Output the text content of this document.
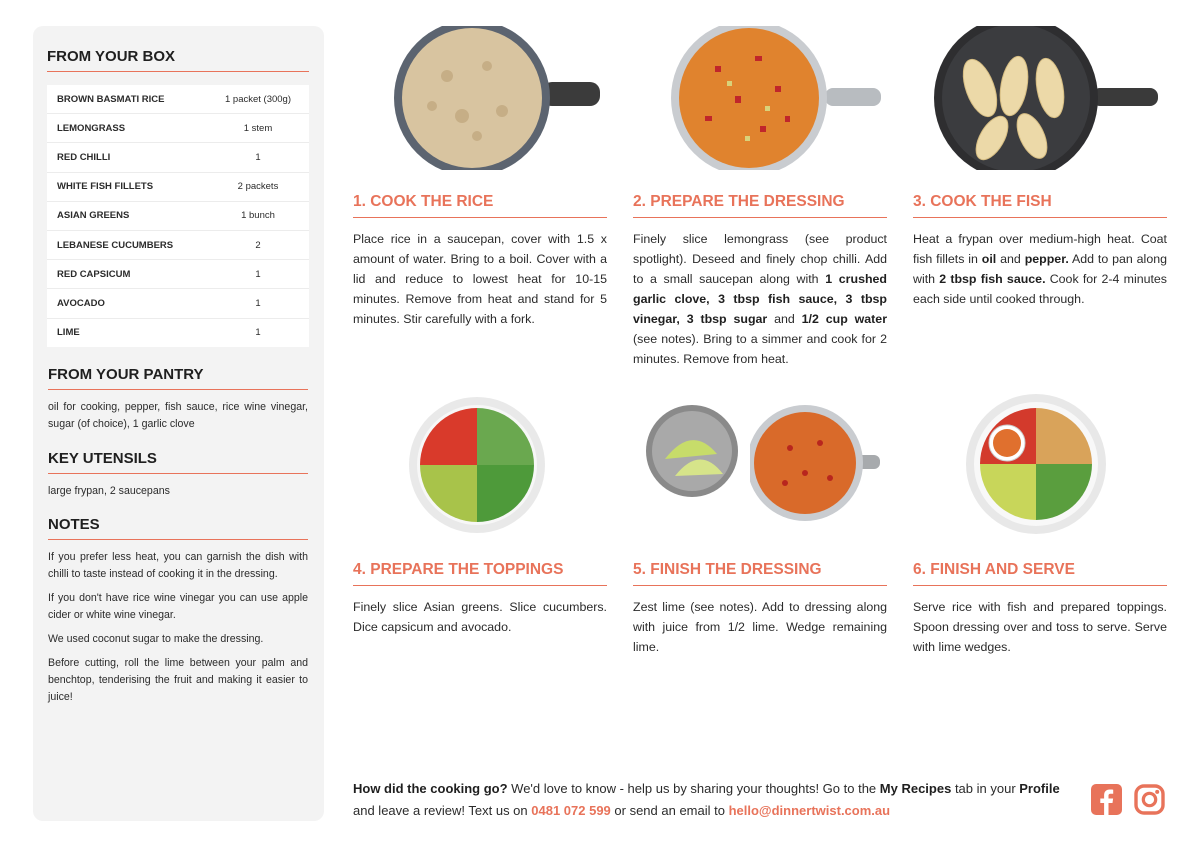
FROM YOUR BOX
BROWN BASMATI RICE	1 packet (300g)
LEMONGRASS	1 stem
RED CHILLI	1
WHITE FISH FILLETS	2 packets
ASIAN GREENS	1 bunch
LEBANESE CUCUMBERS	2
RED CAPSICUM	1
AVOCADO	1
LIME	1
FROM YOUR PANTRY
oil for cooking, pepper, fish sauce, rice wine vinegar, sugar (of choice), 1 garlic clove
KEY UTENSILS
large frypan, 2 saucepans
NOTES

If you prefer less heat, you can garnish the dish with chilli to taste instead of cooking it in the dressing.

If you don't have rice wine vinegar you can use apple cider or white wine vinegar.

We used coconut sugar to make the dressing.

Before cutting, roll the lime between your palm and benchtop, tenderising the fruit and making it easier to juice!

1. COOK THE RICE
Place rice in a saucepan, cover with 1.5 x amount of water. Bring to a boil. Cover with a lid and reduce to lowest heat for 10-15 minutes. Remove from heat and stand for 5 minutes. Stir carefully with a fork.
2. PREPARE THE DRESSING
Finely slice lemongrass (see product spotlight). Deseed and finely chop chilli. Add to a small saucepan along with 1 crushed garlic clove, 3 tbsp fish sauce, 3 tbsp vinegar, 3 tbsp sugar and 1/2 cup water (see notes). Bring to a simmer and cook for 2 minutes. Remove from heat.
3. COOK THE FISH
Heat a frypan over medium-high heat. Coat fish fillets in oil and pepper. Add to pan along with 2 tbsp fish sauce. Cook for 2-4 minutes each side until cooked through.
4. PREPARE THE TOPPINGS
Finely slice Asian greens. Slice cucumbers. Dice capsicum and avocado.
5. FINISH THE DRESSING
Zest lime (see notes). Add to dressing along with juice from 1/2 lime. Wedge remaining lime.
6. FINISH AND SERVE
Serve rice with fish and prepared toppings. Spoon dressing over and toss to serve. Serve with lime wedges.
How did the cooking go? We'd love to know - help us by sharing your thoughts! Go to the My Recipes tab in your Profile and leave a review! Text us on 0481 072 599 or send an email to hello@dinnertwist.com.au
